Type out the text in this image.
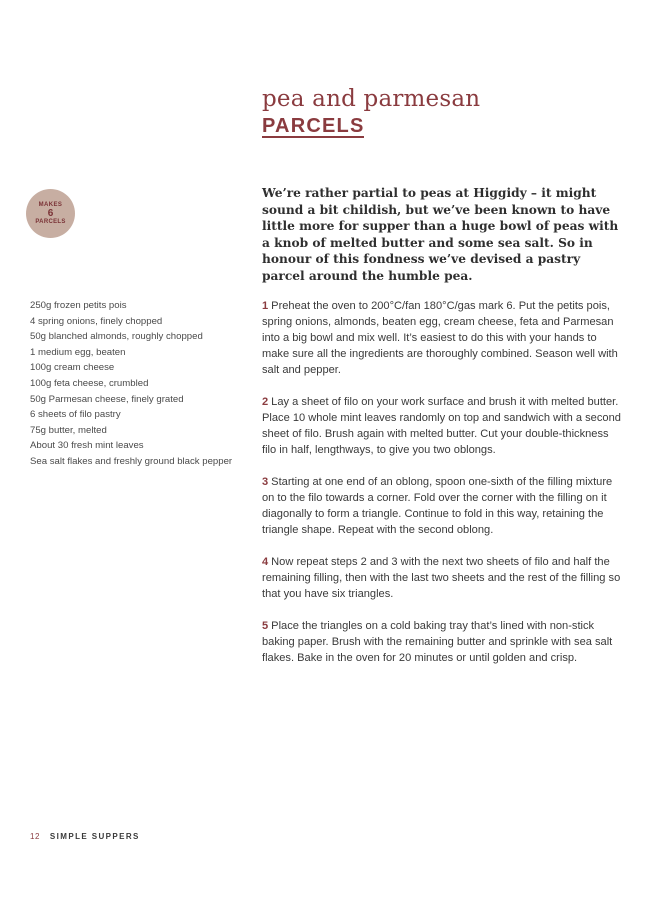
pea and parmesan
PARCELS
MAKES
6
PARCELS

We’re rather partial to peas at Higgidy – it might sound a bit childish, but we’ve been known to have little more for supper than a huge bowl of peas with a knob of melted butter and some sea salt. So in honour of this fondness we’ve devised a pastry parcel around the humble pea.

250g frozen petits pois
4 spring onions, finely chopped
50g blanched almonds, roughly chopped
1 medium egg, beaten
100g cream cheese
100g feta cheese, crumbled
50g Parmesan cheese, finely grated
6 sheets of filo pastry
75g butter, melted
About 30 fresh mint leaves
Sea salt flakes and freshly ground black pepper

1 Preheat the oven to 200°C/fan 180°C/gas mark 6. Put the petits pois, spring onions, almonds, beaten egg, cream cheese, feta and Parmesan into a big bowl and mix well. It’s easiest to do this with your hands to make sure all the ingredients are thoroughly combined. Season well with salt and pepper.

2 Lay a sheet of filo on your work surface and brush it with melted butter. Place 10 whole mint leaves randomly on top and sandwich with a second sheet of filo. Brush again with melted butter. Cut your double-thickness filo in half, lengthways, to give you two oblongs.

3 Starting at one end of an oblong, spoon one-sixth of the filling mixture on to the filo towards a corner. Fold over the corner with the filling on it diagonally to form a triangle. Continue to fold in this way, retaining the triangle shape. Repeat with the second oblong.

4 Now repeat steps 2 and 3 with the next two sheets of filo and half the remaining filling, then with the last two sheets and the rest of the filling so that you have six triangles.

5 Place the triangles on a cold baking tray that’s lined with non-stick baking paper. Brush with the remaining butter and sprinkle with sea salt flakes. Bake in the oven for 20 minutes or until golden and crisp.

12 SIMPLE SUPPERS
